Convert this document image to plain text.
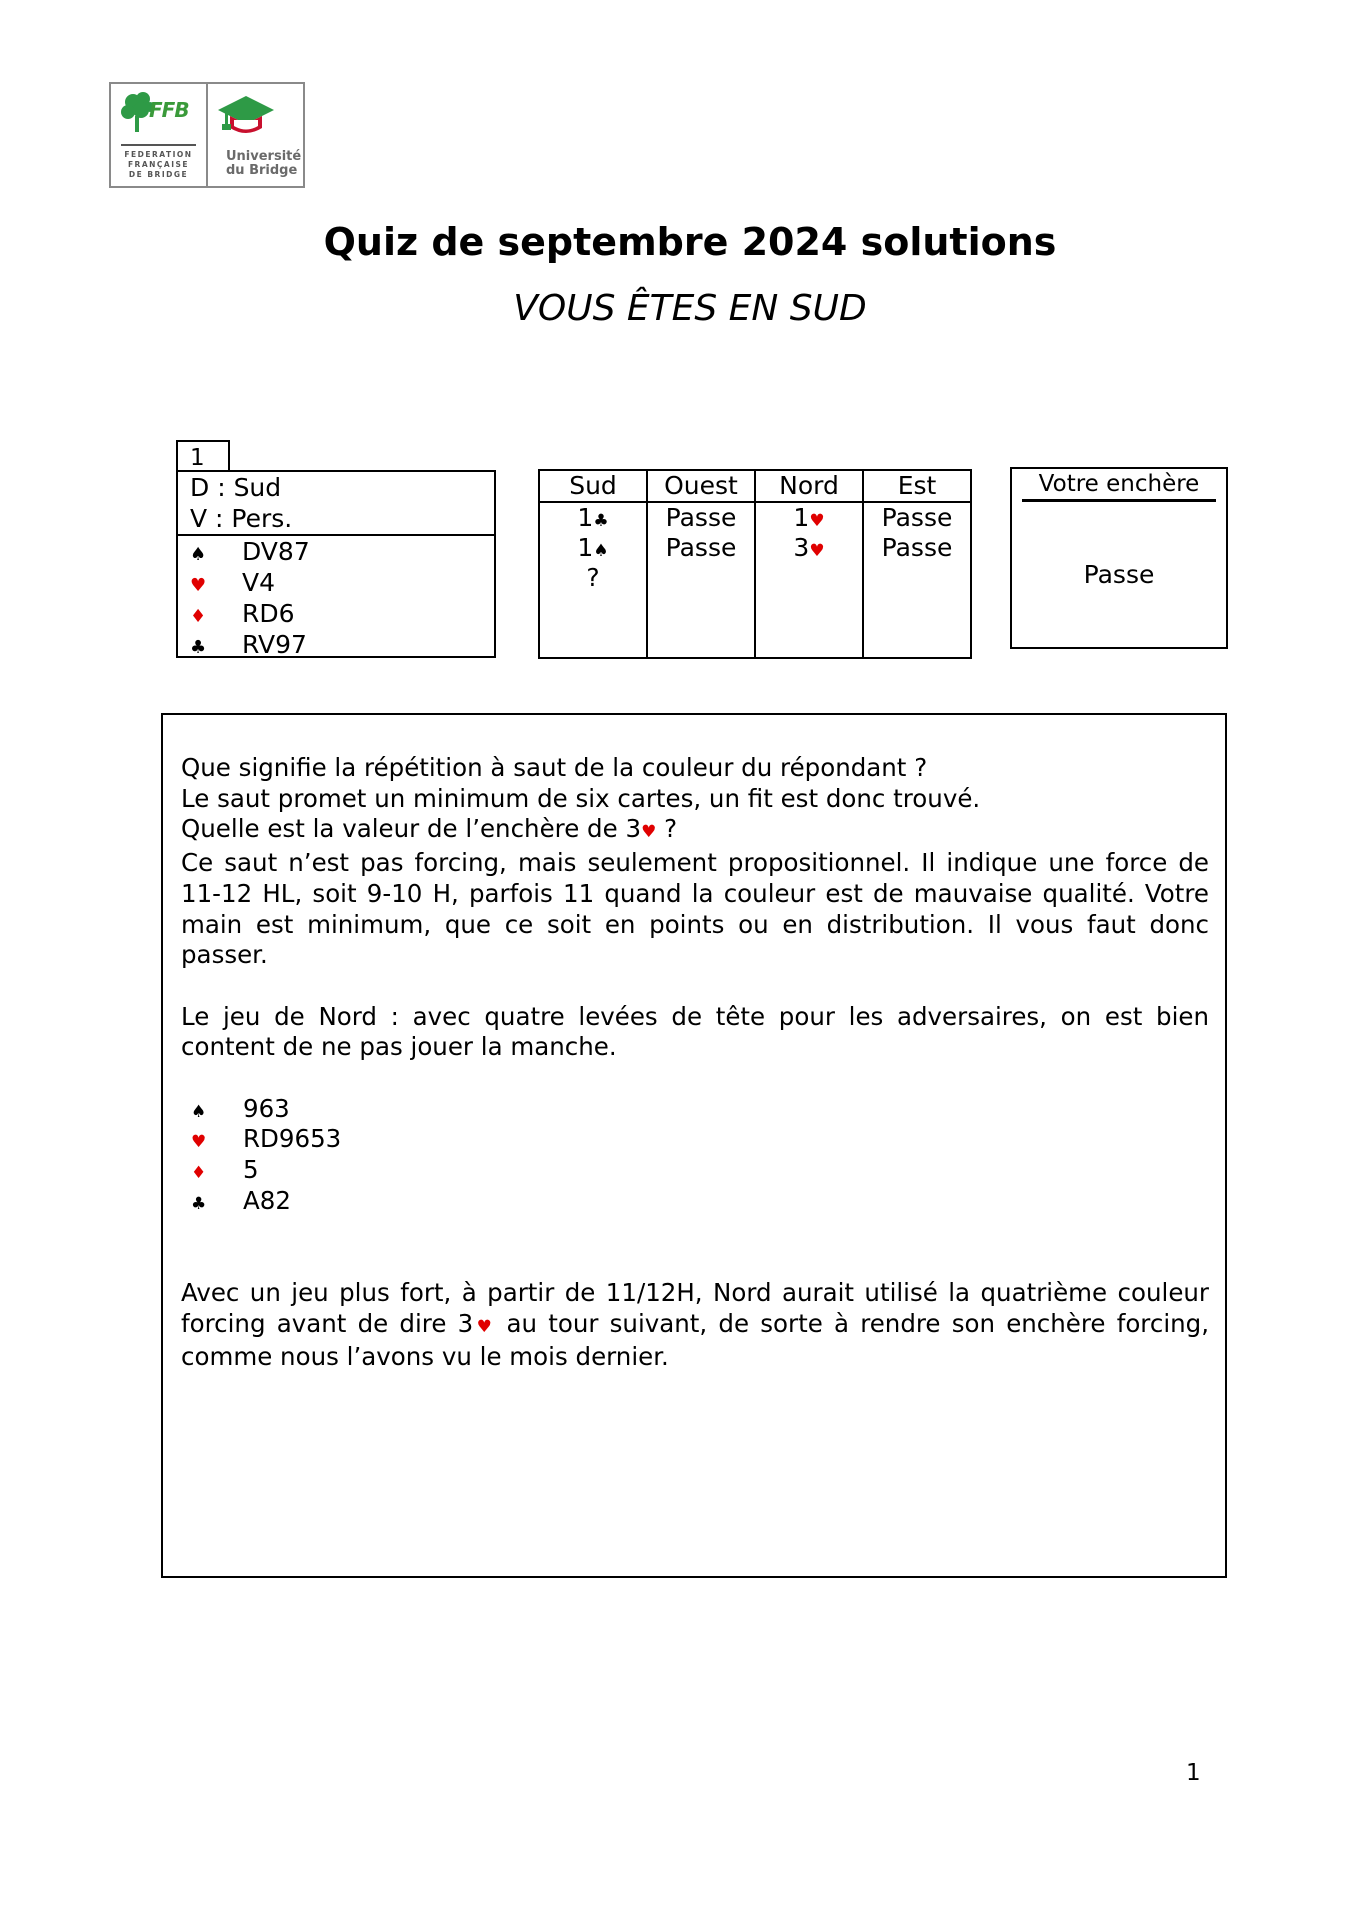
FFB
FEDERATION
FRANÇAISE
DE BRIDGE
Université
du Bridge
Quiz de septembre 2024 solutions
VOUS ÊTES EN SUD
1
D : Sud
V : Pers.
♠ DV87
♥ V4
♦ RD6
♣ RV97
Sud
1♣
1♠
?
Ouest
Passe
Passe
Nord
1♥
3♥
Est
Passe
Passe
Votre enchère
Passe

Que signifie la répétition à saut de la couleur du répondant ?

Le saut promet un minimum de six cartes, un fit est donc trouvé.

Quelle est la valeur de l’enchère de 3♥ ?

Ce saut n’est pas forcing, mais seulement propositionnel. Il indique une force de 11-12 HL, soit 9-10 H, parfois 11 quand la couleur est de mauvaise qualité. Votre main est minimum, que ce soit en points ou en distribution. Il vous faut donc passer.

Le jeu de Nord : avec quatre levées de tête pour les adversaires, on est bien content de ne pas jouer la manche.

♠ 963
♥ RD9653
♦ 5
♣ A82

Avec un jeu plus fort, à partir de 11/12H, Nord aurait utilisé la quatrième couleur forcing avant de dire 3♥ au tour suivant, de sorte à rendre son enchère forcing, comme nous l’avons vu le mois dernier.

1
